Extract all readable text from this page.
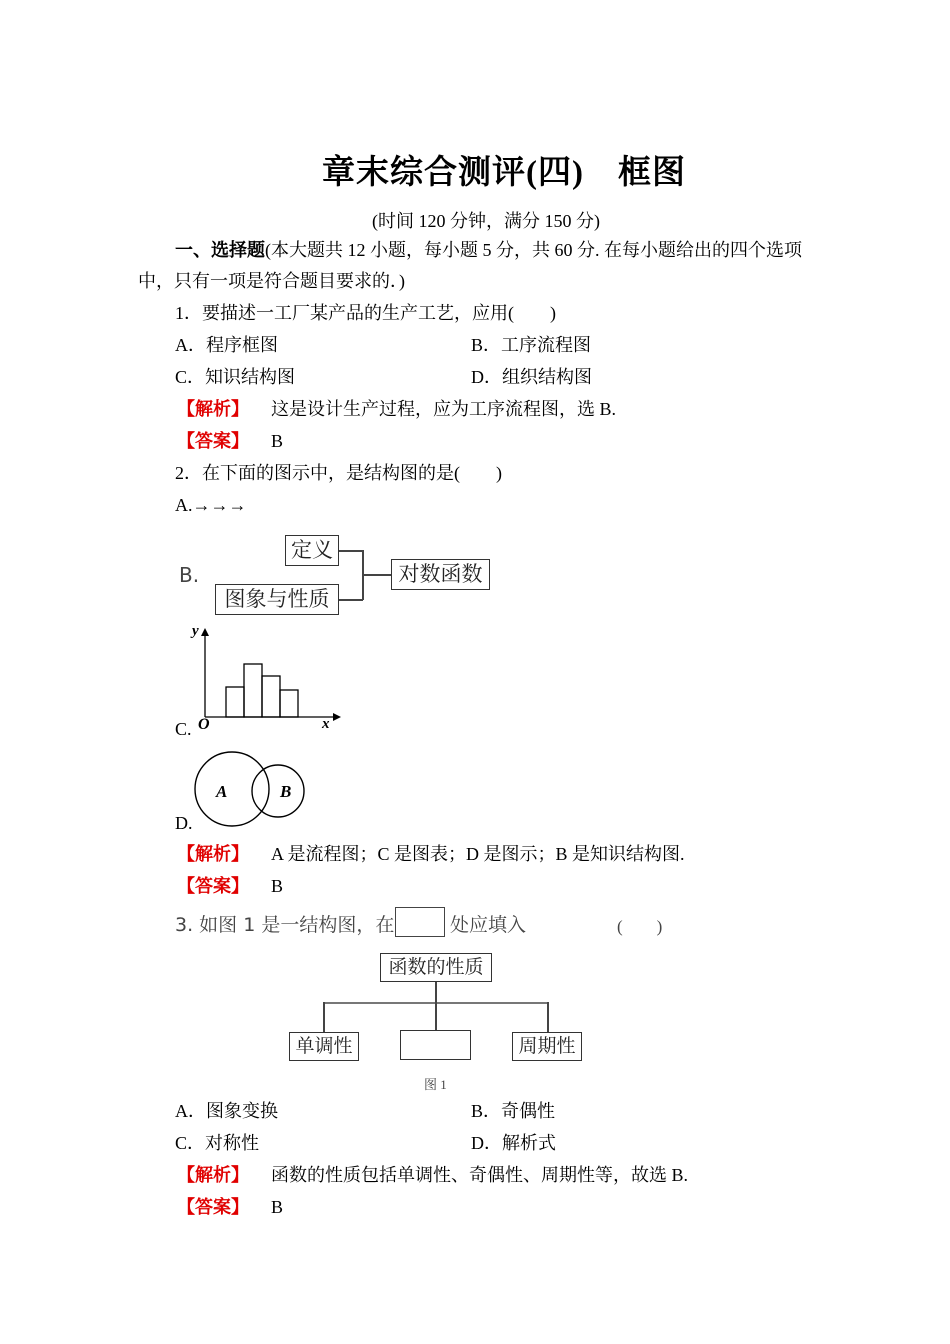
章末综合测评(四)　框图
(时间 120 分钟，满分 150 分)
一、选择题(本大题共 12 小题，每小题 5 分，共 60 分. 在每小题给出的四个选项
中，只有一项是符合题目要求的．)
1．要描述一工厂某产品的生产工艺，应用(　　)
A．程序框图	B．工序流程图
C．知识结构图	D．组织结构图
【解析】 这是设计生产过程，应为工序流程图，选 B.
【答案】 B
2．在下面的图示中，是结构图的是(　　)
A.→→→
B.
定义
图象与性质
对数函数
C.
y
x
O
D.
A	B
【解析】 A 是流程图；C 是图表；D 是图示；B 是知识结构图.
【答案】 B
3. 如图 1 是一结构图，在	处应填入	(　　)
函数的性质
单调性	周期性
图 1
A．图象变换	B．奇偶性
C．对称性	D．解析式
【解析】 函数的性质包括单调性、奇偶性、周期性等，故选 B.
【答案】 B
